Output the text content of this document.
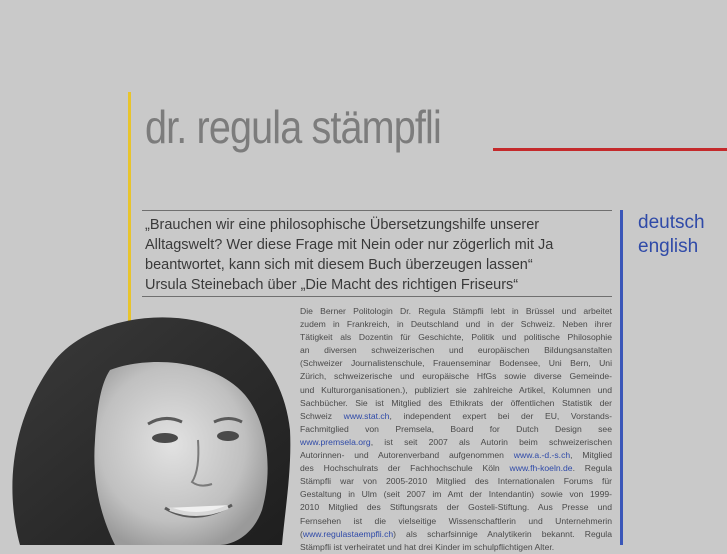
dr. regula stämpfli
„Brauchen wir eine philosophische Übersetzungshilfe unserer
Alltagswelt? Wer diese Frage mit Nein oder nur zögerlich mit Ja
beantwortet, kann sich mit diesem Buch überzeugen lassen“
Ursula Steinebach über „Die Macht des richtigen Friseurs“
deutsch
english
Die Berner Politologin Dr. Regula Stämpfli lebt in Brüssel und arbeitet
zudem in Frankreich, in Deutschland und in der Schweiz. Neben ihrer
Tätigkeit als Dozentin für Geschichte, Politik und politische Philosophie
an diversen schweizerischen und europäischen Bildungsanstalten
(Schweizer Journalistenschule, Frauenseminar Bodensee, Uni Bern, Uni
Zürich, schweizerische und europäische HfGs sowie diverse Gemeinde-
und Kulturorganisationen.), publiziert sie zahlreiche Artikel, Kolumnen und
Sachbücher. Sie ist Mitglied des Ethikrats der öffentlichen Statistik der
Schweiz www.stat.ch, independent expert bei der EU, Vorstands-
Fachmitglied von Premsela, Board for Dutch Design see
www.premsela.org, ist seit 2007 als Autorin beim schweizerischen
Autorinnen- und Autorenverband aufgenommen www.a.-d.-s.ch, Mitglied
des Hochschulrats der Fachhochschule Köln www.fh-koeln.de. Regula
Stämpfli war von 2005-2010 Mitglied des Internationalen Forums für
Gestaltung in Ulm (seit 2007 im Amt der Intendantin) sowie von 1999-
2010 Mitglied des Stiftungsrats der Gosteli-Stiftung. Aus Presse und
Fernsehen ist die vielseitige Wissenschaftlerin und Unternehmerin
(www.regulastaempfli.ch) als scharfsinnige Analytikerin bekannt. Regula
Stämpfli ist verheiratet und hat drei Kinder im schulpflichtigen Alter.
